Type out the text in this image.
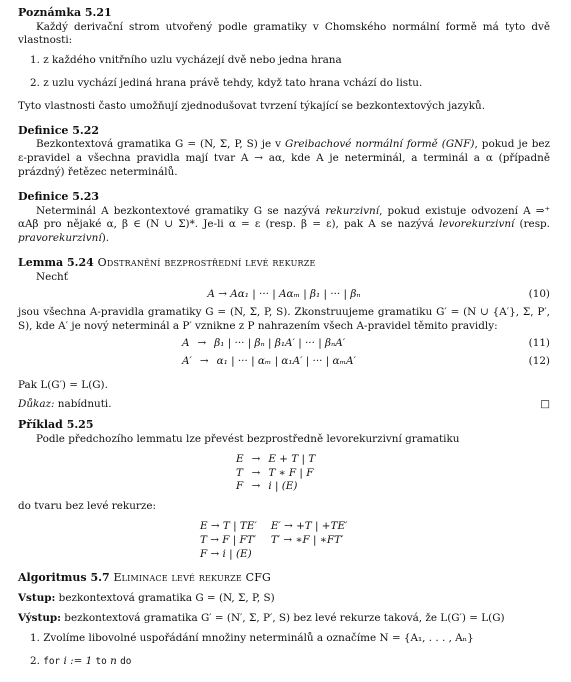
Poznámka 5.21

Každý derivační strom utvořený podle gramatiky v Chomského normální formě má tyto dvě vlastnosti:

1. z každého vnitřního uzlu vycházejí dvě nebo jedna hrana
2. z uzlu vychází jediná hrana právě tehdy, když tato hrana vchází do listu.

Tyto vlastnosti často umožňují zjednodušovat tvrzení týkající se bezkontextových jazyků.

Definice 5.22

Bezkontextová gramatika G = (N, Σ, P, S) je v Greibachové normální formě (GNF), pokud je bez ε-pravidel a všechna pravidla mají tvar A → aα, kde A je neterminál, a terminál a α (případně prázdný) řetězec neterminálů.

Definice 5.23

Neterminál A bezkontextové gramatiky G se nazývá rekurzivní, pokud existuje odvození A ⇒⁺ αAβ pro nějaké α, β ∈ (N ∪ Σ)*. Je-li α = ε (resp. β = ε), pak A se nazývá levorekurzivní (resp. pravorekurzivní).

Lemma 5.24 Odstranění bezprostřední levé rekurze

Nechť

A → Aα₁ | ··· | Aαₘ | β₁ | ··· | βₙ	(10)

jsou všechna A-pravidla gramatiky G = (N, Σ, P, S). Zkonstruujeme gramatiku G′ = (N ∪ {A′}, Σ, P′, S), kde A′ je nový neterminál a P′ vznikne z P nahrazením všech A-pravidel těmito pravidly:

A	→	β₁ | ··· | βₙ | β₁A′ | ··· | βₙA′	(11)
A′	→	α₁ | ··· | αₘ | α₁A′ | ··· | αₘA′	(12)

Pak L(G′) = L(G).

Důkaz: nabídnuti.	□

Příklad 5.25

Podle předchozího lemmatu lze převést bezprostředně levorekurzivní gramatiku

E	→	E + T | T
T	→	T ∗ F | F
F	→	i | (E)

do tvaru bez levé rekurze:

E → T | TE′	E′ → +T | +TE′
T → F | FT′	T′ → ∗F | ∗FT′
F → i | (E)	
Algoritmus 5.7 Eliminace levé rekurze CFG

Vstup: bezkontextová gramatika G = (N, Σ, P, S)

Výstup: bezkontextová gramatika G′ = (N′, Σ, P′, S) bez levé rekurze taková, že L(G′) = L(G)

1. Zvolíme libovolné uspořádání množiny neterminálů a označíme N = {A₁, . . . , Aₙ}
2. for i := 1 to n do
